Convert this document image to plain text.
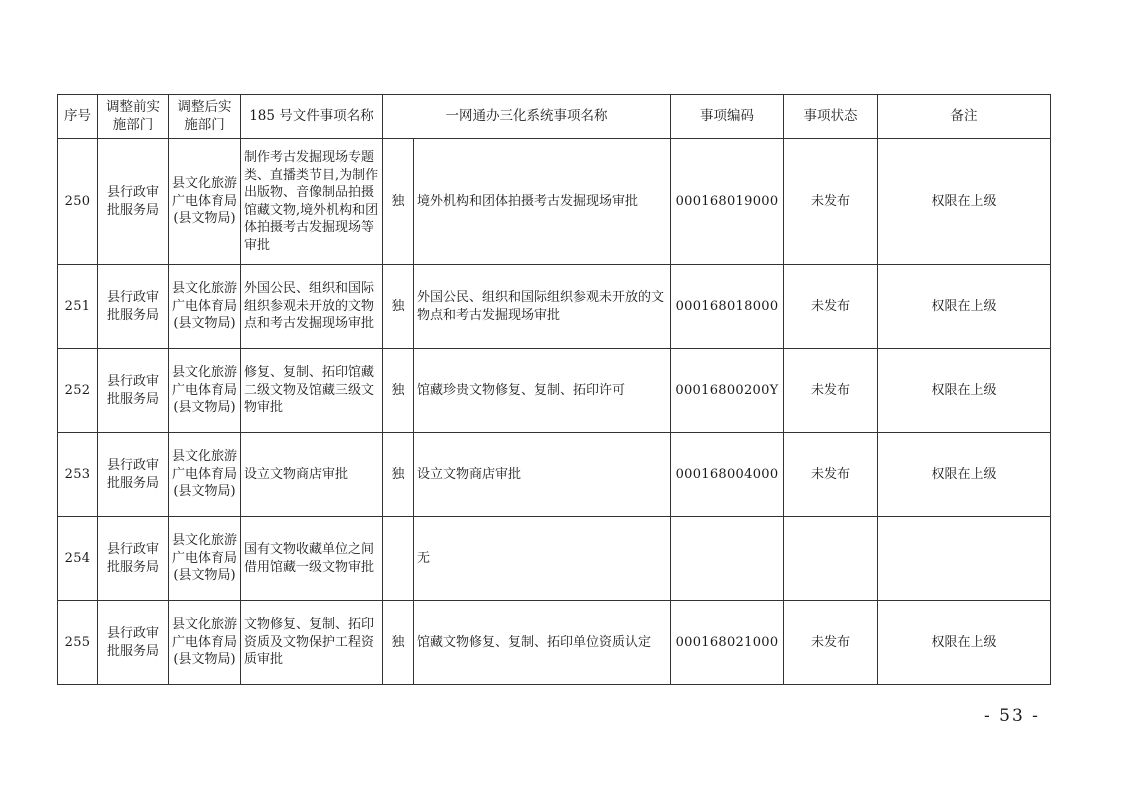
序号	调整前实施部门	调整后实施部门	185 号文件事项名称	一网通办三化系统事项名称		事项编码	事项状态	备注
250	县行政审批服务局	县文化旅游广电体育局(县文物局)	制作考古发掘现场专题类、直播类节目,为制作出版物、音像制品拍摄馆藏文物,境外机构和团体拍摄考古发掘现场等审批	独	境外机构和团体拍摄考古发掘现场审批	000168019000	未发布	权限在上级
251	县行政审批服务局	县文化旅游广电体育局(县文物局)	外国公民、组织和国际组织参观未开放的文物点和考古发掘现场审批	独	外国公民、组织和国际组织参观未开放的文物点和考古发掘现场审批	000168018000	未发布	权限在上级
252	县行政审批服务局	县文化旅游广电体育局(县文物局)	修复、复制、拓印馆藏二级文物及馆藏三级文物审批	独	馆藏珍贵文物修复、复制、拓印许可	00016800200Y	未发布	权限在上级
253	县行政审批服务局	县文化旅游广电体育局(县文物局)	设立文物商店审批	独	设立文物商店审批	000168004000	未发布	权限在上级
254	县行政审批服务局	县文化旅游广电体育局(县文物局)	国有文物收藏单位之间借用馆藏一级文物审批		无			
255	县行政审批服务局	县文化旅游广电体育局(县文物局)	文物修复、复制、拓印资质及文物保护工程资质审批	独	馆藏文物修复、复制、拓印单位资质认定	000168021000	未发布	权限在上级
- 53 -
